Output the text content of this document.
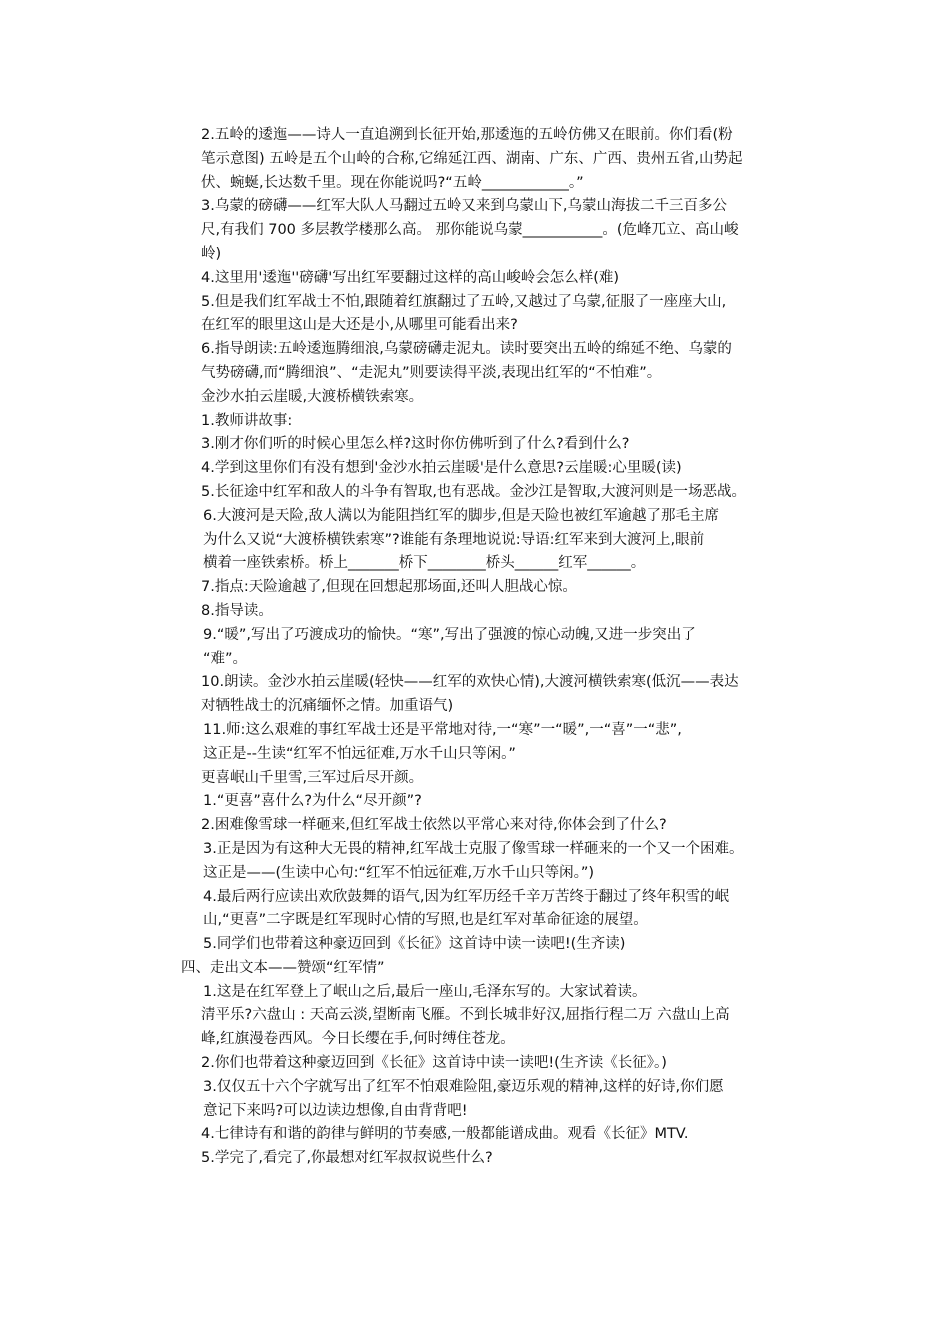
2.五岭的逶迤——诗人一直追溯到长征开始,那逶迤的五岭仿佛又在眼前。你们看(粉
笔示意图) 五岭是五个山岭的合称,它绵延江西、湖南、广东、广西、贵州五省,山势起
伏、蜿蜒,长达数千里。现在你能说吗?“五岭____________。”
3.乌蒙的磅礴——红军大队人马翻过五岭又来到乌蒙山下,乌蒙山海拔二千三百多公
尺,有我们 700 多层教学楼那么高。 那你能说乌蒙___________。(危峰兀立、高山峻
岭)
4.这里用'逶迤''磅礴'写出红军要翻过这样的高山峻岭会怎么样(难)
5.但是我们红军战士不怕,跟随着红旗翻过了五岭,又越过了乌蒙,征服了一座座大山,
在红军的眼里这山是大还是小,从哪里可能看出来?
6.指导朗读:五岭逶迤腾细浪,乌蒙磅礴走泥丸。读时要突出五岭的绵延不绝、乌蒙的
气势磅礴,而“腾细浪”、“走泥丸”则要读得平淡,表现出红军的“不怕难”。
金沙水拍云崖暖,大渡桥横铁索寒。
1.教师讲故事:
3.刚才你们听的时候心里怎么样?这时你仿佛听到了什么?看到什么?
4.学到这里你们有没有想到'金沙水拍云崖暖'是什么意思?云崖暖:心里暖(读)
5.长征途中红军和敌人的斗争有智取,也有恶战。金沙江是智取,大渡河则是一场恶战。
6.大渡河是天险,敌人满以为能阻挡红军的脚步,但是天险也被红军逾越了那毛主席
为什么又说“大渡桥横铁索寒”?谁能有条理地说说:导语:红军来到大渡河上,眼前
横着一座铁索桥。桥上_______桥下________桥头______红军______。
7.指点:天险逾越了,但现在回想起那场面,还叫人胆战心惊。
8.指导读。
9.“暖”,写出了巧渡成功的愉快。“寒”,写出了强渡的惊心动魄,又进一步突出了
“难”。
10.朗读。金沙水拍云崖暖(轻快——红军的欢快心情),大渡河横铁索寒(低沉——表达
对牺牲战士的沉痛缅怀之情。加重语气)
11.师:这么艰难的事红军战士还是平常地对待,一“寒”一“暖”,一“喜”一“悲”,
这正是--生读“红军不怕远征难,万水千山只等闲。”
更喜岷山千里雪,三军过后尽开颜。
1.“更喜”喜什么?为什么“尽开颜”?
2.困难像雪球一样砸来,但红军战士依然以平常心来对待,你体会到了什么?
3.正是因为有这种大无畏的精神,红军战士克服了像雪球一样砸来的一个又一个困难。
这正是——(生读中心句:“红军不怕远征难,万水千山只等闲。”)
4.最后两行应读出欢欣鼓舞的语气,因为红军历经千辛万苦终于翻过了终年积雪的岷
山,“更喜”二字既是红军现时心情的写照,也是红军对革命征途的展望。
5.同学们也带着这种豪迈回到《长征》这首诗中读一读吧!(生齐读)
四、走出文本——赞颂“红军情”
1.这是在红军登上了岷山之后,最后一座山,毛泽东写的。大家试着读。
清平乐?六盘山 : 天高云淡,望断南飞雁。不到长城非好汉,屈指行程二万 六盘山上高
峰,红旗漫卷西风。今日长缨在手,何时缚住苍龙。
2.你们也带着这种豪迈回到《长征》这首诗中读一读吧!(生齐读《长征》。)
3.仅仅五十六个字就写出了红军不怕艰难险阻,豪迈乐观的精神,这样的好诗,你们愿
意记下来吗?可以边读边想像,自由背背吧!
4.七律诗有和谐的韵律与鲜明的节奏感,一般都能谱成曲。观看《长征》MTV.
5.学完了,看完了,你最想对红军叔叔说些什么?
